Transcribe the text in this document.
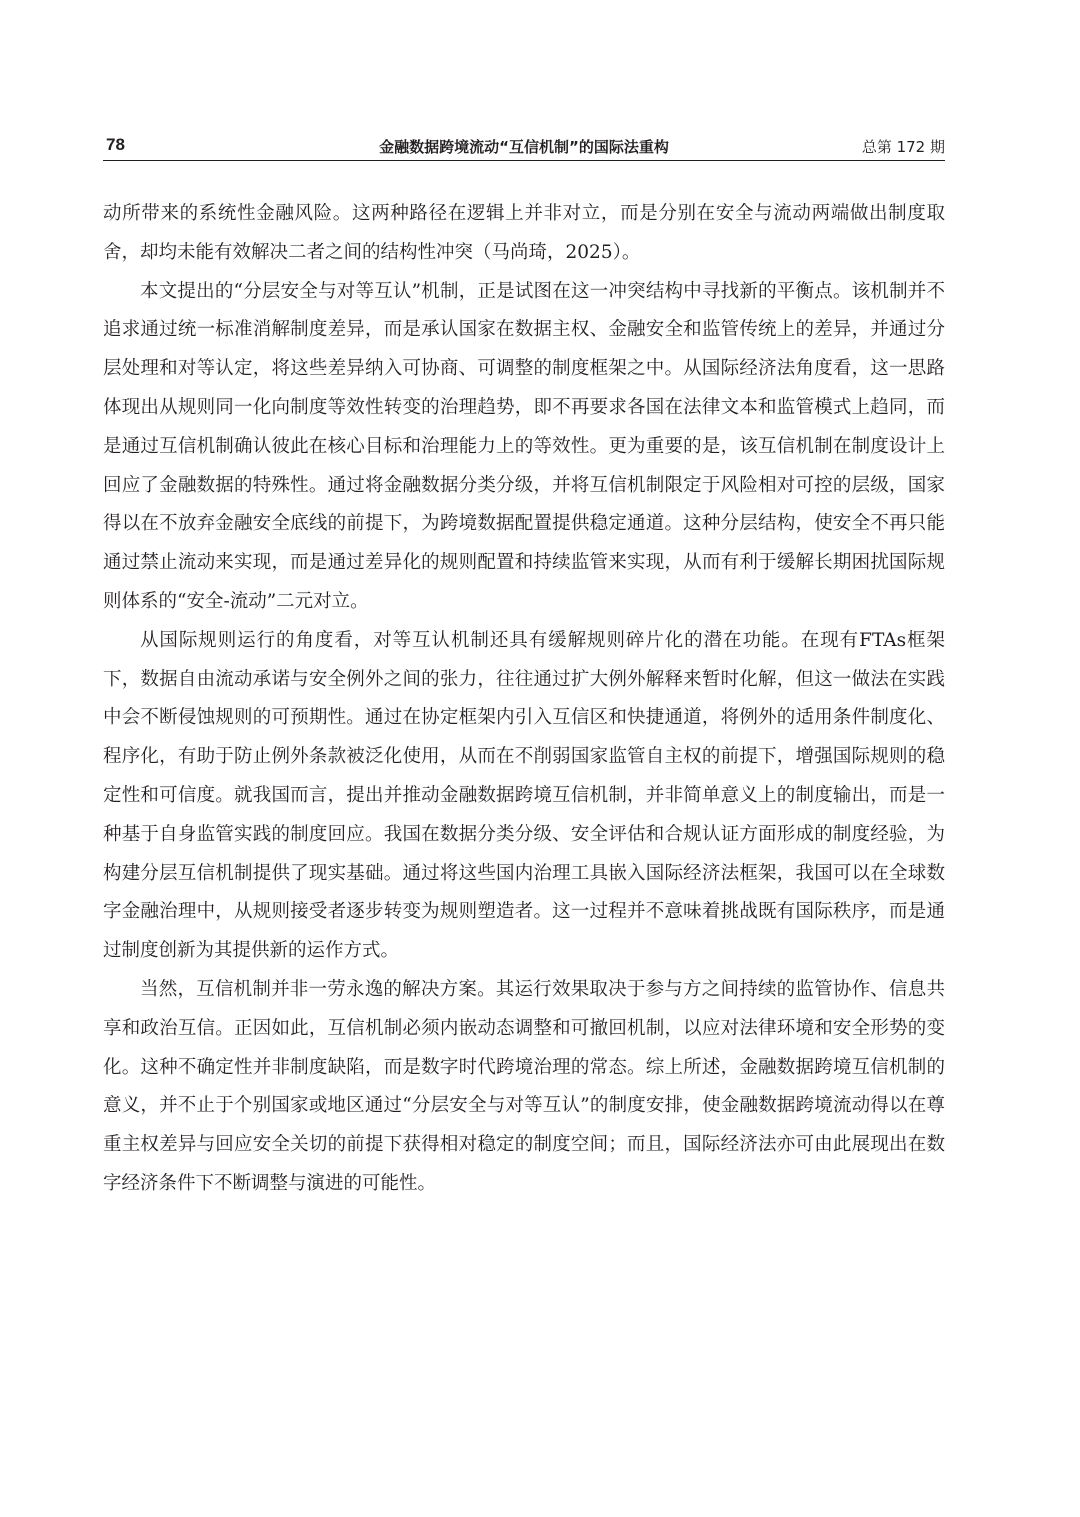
78	金融数据跨境流动“互信机制”的国际法重构	总第 172 期

动所带来的系统性金融风险。这两种路径在逻辑上并非对立，而是分别在安全与流动两端做出制度取舍，却均未能有效解决二者之间的结构性冲突（马尚琦，2025）。

本文提出的“分层安全与对等互认”机制，正是试图在这一冲突结构中寻找新的平衡点。该机制并不追求通过统一标准消解制度差异，而是承认国家在数据主权、金融安全和监管传统上的差异，并通过分层处理和对等认定，将这些差异纳入可协商、可调整的制度框架之中。从国际经济法角度看，这一思路体现出从规则同一化向制度等效性转变的治理趋势，即不再要求各国在法律文本和监管模式上趋同，而是通过互信机制确认彼此在核心目标和治理能力上的等效性。更为重要的是，该互信机制在制度设计上回应了金融数据的特殊性。通过将金融数据分类分级，并将互信机制限定于风险相对可控的层级，国家得以在不放弃金融安全底线的前提下，为跨境数据配置提供稳定通道。这种分层结构，使安全不再只能通过禁止流动来实现，而是通过差异化的规则配置和持续监管来实现，从而有利于缓解长期困扰国际规则体系的“安全-流动”二元对立。

从国际规则运行的角度看，对等互认机制还具有缓解规则碎片化的潜在功能。在现有FTAs框架下，数据自由流动承诺与安全例外之间的张力，往往通过扩大例外解释来暂时化解，但这一做法在实践中会不断侵蚀规则的可预期性。通过在协定框架内引入互信区和快捷通道，将例外的适用条件制度化、程序化，有助于防止例外条款被泛化使用，从而在不削弱国家监管自主权的前提下，增强国际规则的稳定性和可信度。就我国而言，提出并推动金融数据跨境互信机制，并非简单意义上的制度输出，而是一种基于自身监管实践的制度回应。我国在数据分类分级、安全评估和合规认证方面形成的制度经验，为构建分层互信机制提供了现实基础。通过将这些国内治理工具嵌入国际经济法框架，我国可以在全球数字金融治理中，从规则接受者逐步转变为规则塑造者。这一过程并不意味着挑战既有国际秩序，而是通过制度创新为其提供新的运作方式。

当然，互信机制并非一劳永逸的解决方案。其运行效果取决于参与方之间持续的监管协作、信息共享和政治互信。正因如此，互信机制必须内嵌动态调整和可撤回机制，以应对法律环境和安全形势的变化。这种不确定性并非制度缺陷，而是数字时代跨境治理的常态。综上所述，金融数据跨境互信机制的意义，并不止于个别国家或地区通过“分层安全与对等互认”的制度安排，使金融数据跨境流动得以在尊重主权差异与回应安全关切的前提下获得相对稳定的制度空间；而且，国际经济法亦可由此展现出在数字经济条件下不断调整与演进的可能性。
